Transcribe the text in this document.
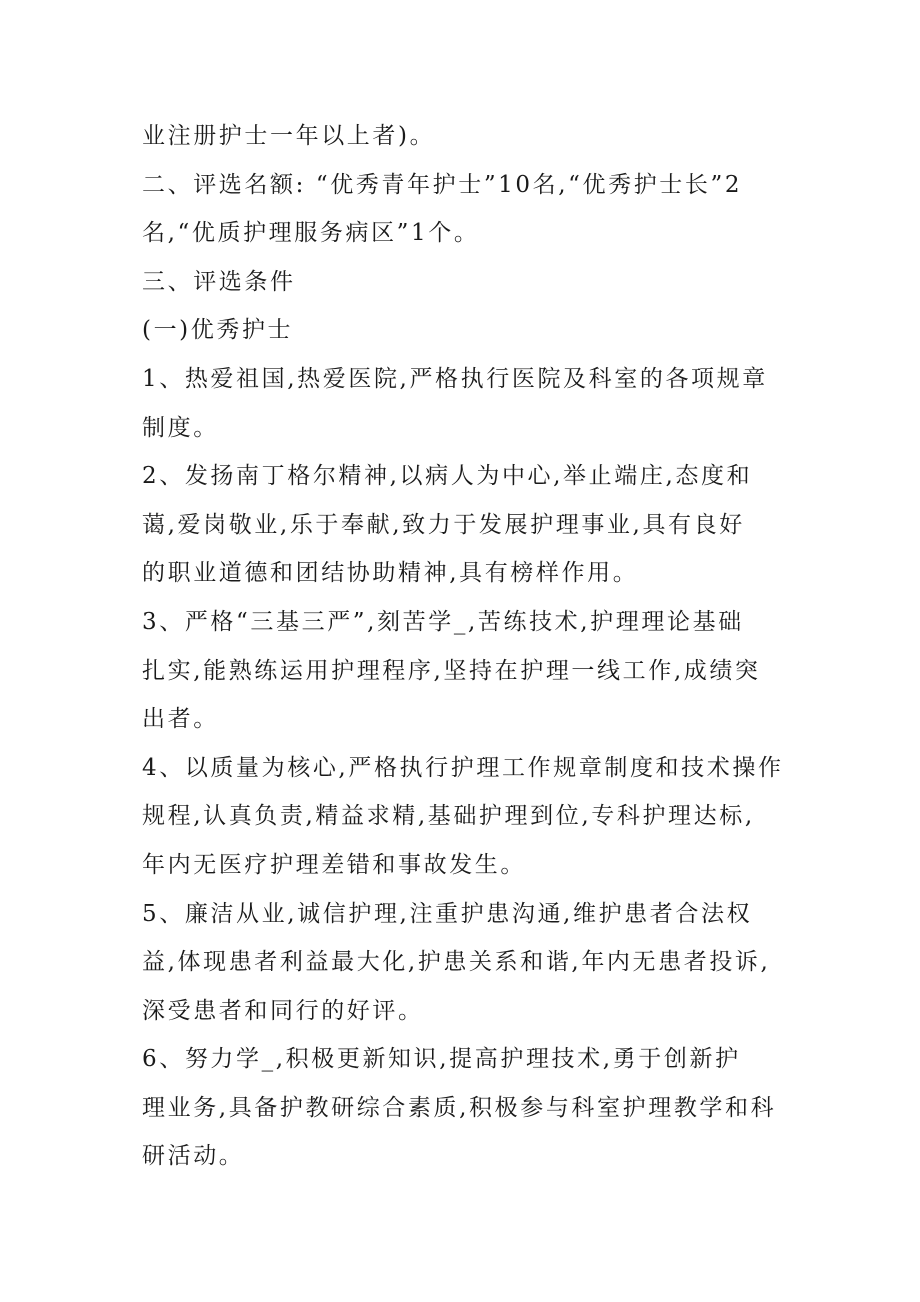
业注册护士一年以上者)。
二、评选名额: “优秀青年护士”10名,“优秀护士长”2
名,“优质护理服务病区”1个。
三、评选条件
(一)优秀护士
1、热爱祖国,热爱医院,严格执行医院及科室的各项规章
制度。
2、发扬南丁格尔精神,以病人为中心,举止端庄,态度和
蔼,爱岗敬业,乐于奉献,致力于发展护理事业,具有良好
的职业道德和团结协助精神,具有榜样作用。
3、严格“三基三严”,刻苦学_,苦练技术,护理理论基础
扎实,能熟练运用护理程序,坚持在护理一线工作,成绩突
出者。
4、以质量为核心,严格执行护理工作规章制度和技术操作
规程,认真负责,精益求精,基础护理到位,专科护理达标,
年内无医疗护理差错和事故发生。
5、廉洁从业,诚信护理,注重护患沟通,维护患者合法权
益,体现患者利益最大化,护患关系和谐,年内无患者投诉,
深受患者和同行的好评。
6、努力学_,积极更新知识,提高护理技术,勇于创新护
理业务,具备护教研综合素质,积极参与科室护理教学和科
研活动。
